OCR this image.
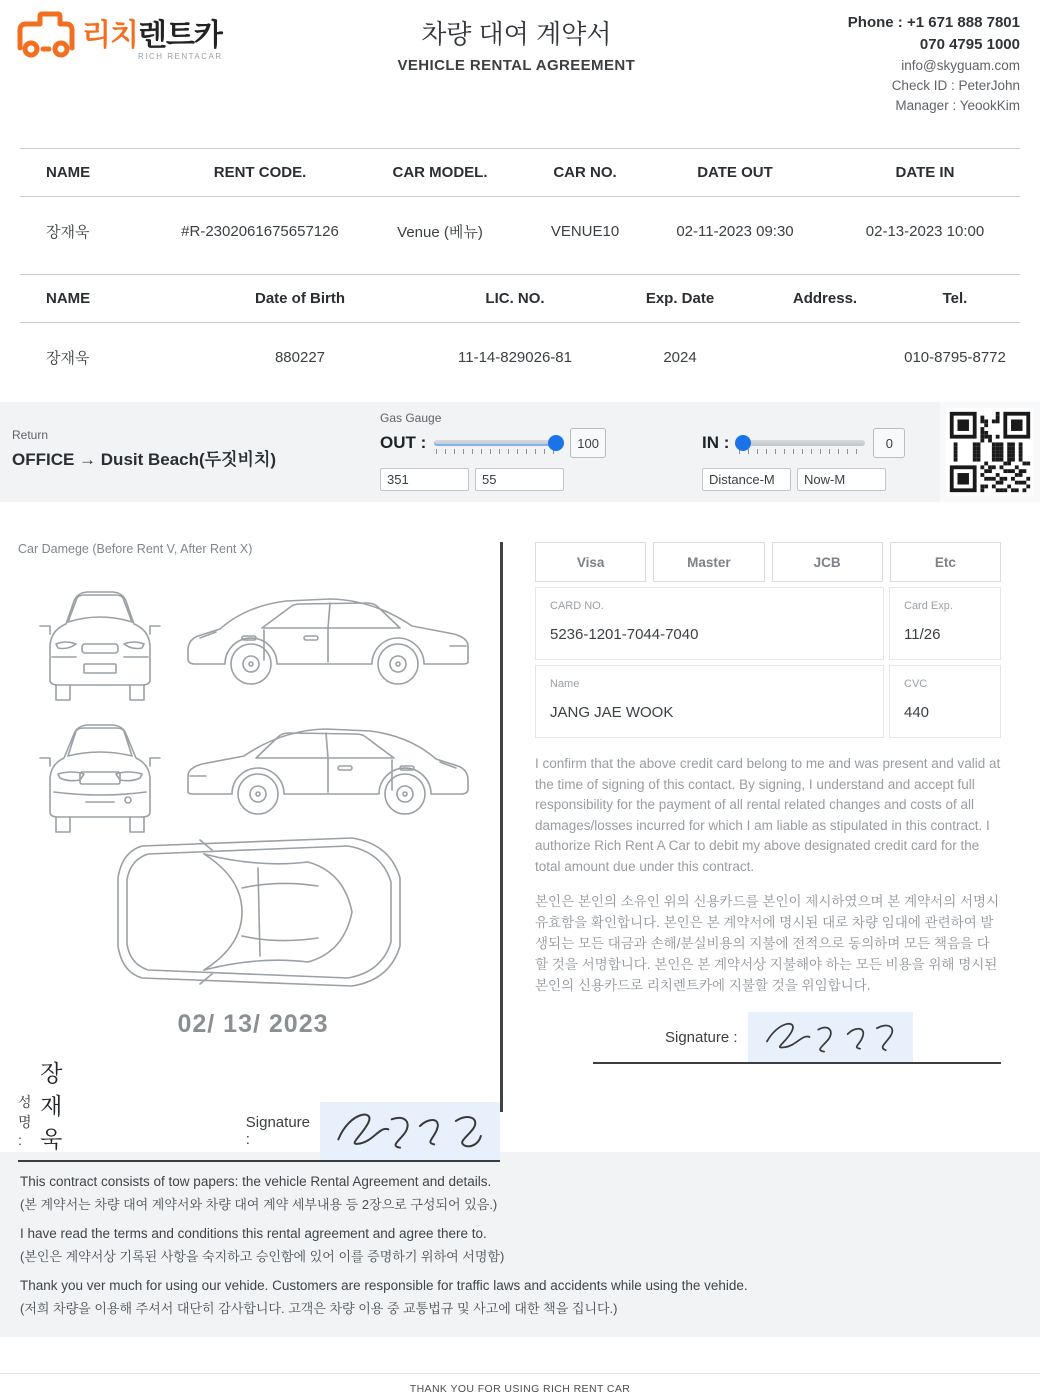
리치 렌트카
RICH RENTACAR
차량 대여 계약서
VEHICLE RENTAL AGREEMENT
Phone : +1 671 888 7801
070 4795 1000
info@skyguam.com
Check ID : PeterJohn
Manager : YeookKim
NAME	RENT CODE.	CAR MODEL.	CAR NO.	DATE OUT	DATE IN
장재욱	#R-2302061675657126	Venue (베뉴)	VENUE10	02-11-2023 09:30	02-13-2023 10:00
NAME	Date of Birth	LIC. NO.	Exp. Date	Address.	Tel.
장재욱	880227	11-14-829026-81	2024		010-8795-8772
Return
OFFICE → Dusit Beach(두짓비치)
Gas Gauge
OUT :	100
351
55	IN :	0
Distance-M
Now-M
Car Damege (Before Rent V, After Rent X)
02/ 13/ 2023
성명 :
장재욱
Signature :
Visa	Master	JCB	Etc
CARD NO.
5236-1201-7044-7040
Card Exp.
11/26
Name
JANG JAE WOOK
CVC
440
I confirm that the above credit card belong to me and was present and valid at the time of signing of this contact. By signing, I understand and accept full responsibility for the payment of all rental related changes and costs of all damages/losses incurred for which I am liable as stipulated in this contract. I authorize Rich Rent A Car to debit my above designated credit card for the total amount due under this contract.
본인은 본인의 소유인 위의 신용카드를 본인이 제시하였으며 본 계약서의 서명시 유효함을 확인합니다. 본인은 본 계약서에 명시된 대로 차량 임대에 관련하여 발생되는 모든 대금과 손해/분실비용의 지불에 전적으로 동의하며 모든 책음을 다할 것을 서명합니다. 본인은 본 계약서상 지불해야 하는 모든 비용을 위해 명시된 본인의 신용카드로 리치렌트카에 지불할 것을 위임합니다.
Signature :
This contract consists of tow papers: the vehicle Rental Agreement and details.
(본 계약서는 차량 대여 계약서와 차량 대여 계약 세부내용 등 2장으로 구성되어 있음.)
I have read the terms and conditions this rental agreement and agree there to.
(본인은 계약서상 기록된 사항을 숙지하고 승인함에 있어 이를 증명하기 위하여 서명함)
Thank you ver much for using our vehide. Customers are responsible for traffic laws and accidents while using the vehide.
(저희 차량을 이용해 주셔서 대단히 감사합니다. 고객은 차량 이용 중 교통법규 및 사고에 대한 책을 집니다.)
THANK YOU FOR USING RICH RENT CAR
